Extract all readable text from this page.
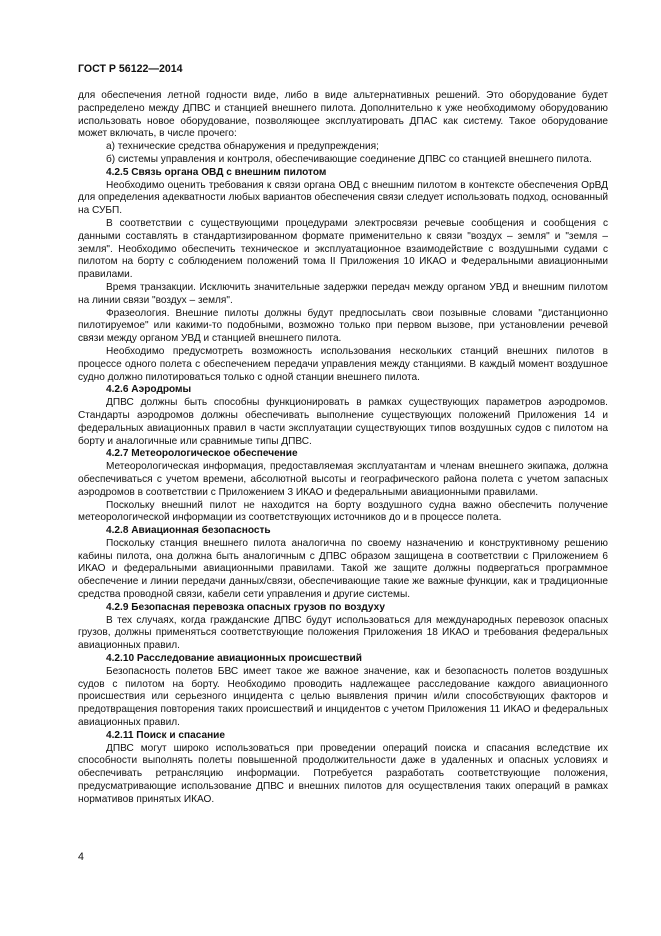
ГОСТ Р 56122—2014

для обеспечения летной годности виде, либо в виде альтернативных решений. Это оборудование будет распределено между ДПВС и станцией внешнего пилота. Дополнительно к уже необходимому оборудованию использовать новое оборудование, позволяющее эксплуатировать ДПАС как систему. Такое оборудование может включать, в числе прочего:

а) технические средства обнаружения и предупреждения;

б) системы управления и контроля, обеспечивающие соединение ДПВС со станцией внешнего пилота.

4.2.5 Связь органа ОВД с внешним пилотом

Необходимо оценить требования к связи органа ОВД с внешним пилотом в контексте обеспечения ОрВД для определения адекватности любых вариантов обеспечения связи следует использовать подход, основанный на СУБП.

В соответствии с существующими процедурами электросвязи речевые сообщения и сообщения с данными составлять в стандартизированном формате применительно к связи "воздух – земля" и "земля – земля". Необходимо обеспечить техническое и эксплуатационное взаимодействие с воздушными судами с пилотом на борту с соблюдением положений тома II Приложения 10 ИКАО и Федеральными авиационными правилами.

Время транзакции. Исключить значительные задержки передач между органом УВД и внешним пилотом на линии связи "воздух – земля".

Фразеология. Внешние пилоты должны будут предпосылать свои позывные словами "дистанционно пилотируемое" или какими-то подобными, возможно только при первом вызове, при установлении речевой связи между органом УВД и станцией внешнего пилота.

Необходимо предусмотреть возможность использования нескольких станций внешних пилотов в процессе одного полета с обеспечением передачи управления между станциями. В каждый момент воздушное судно должно пилотироваться только с одной станции внешнего пилота.

4.2.6 Аэродромы

ДПВС должны быть способны функционировать в рамках существующих параметров аэродромов. Стандарты аэродромов должны обеспечивать выполнение существующих положений Приложения 14 и федеральных авиационных правил в части эксплуатации существующих типов воздушных судов с пилотом на борту и аналогичные или сравнимые типы ДПВС.

4.2.7 Метеорологическое обеспечение

Метеорологическая информация, предоставляемая эксплуатантам и членам внешнего экипажа, должна обеспечиваться с учетом времени, абсолютной высоты и географического района полета с учетом запасных аэродромов в соответствии с Приложением 3 ИКАО и федеральными авиационными правилами.

Поскольку внешний пилот не находится на борту воздушного судна важно обеспечить получение метеорологической информации из соответствующих источников до и в процессе полета.

4.2.8 Авиационная безопасность

Поскольку станция внешнего пилота аналогична по своему назначению и конструктивному решению кабины пилота, она должна быть аналогичным с ДПВС образом защищена в соответствии с Приложением 6 ИКАО и федеральными авиационными правилами. Такой же защите должны подвергаться программное обеспечение и линии передачи данных/связи, обеспечивающие такие же важные функции, как и традиционные средства проводной связи, кабели сети управления и другие системы.

4.2.9 Безопасная перевозка опасных грузов по воздуху

В тех случаях, когда гражданские ДПВС будут использоваться для международных перевозок опасных грузов, должны применяться соответствующие положения Приложения 18 ИКАО и требования федеральных авиационных правил.

4.2.10 Расследование авиационных происшествий

Безопасность полетов БВС имеет такое же важное значение, как и безопасность полетов воздушных судов с пилотом на борту. Необходимо проводить надлежащее расследование каждого авиационного происшествия или серьезного инцидента с целью выявления причин и/или способствующих факторов и предотвращения повторения таких происшествий и инцидентов с учетом Приложения 11 ИКАО и федеральных авиационных правил.

4.2.11 Поиск и спасание

ДПВС могут широко использоваться при проведении операций поиска и спасания вследствие их способности выполнять полеты повышенной продолжительности даже в удаленных и опасных условиях и обеспечивать ретрансляцию информации. Потребуется разработать соответствующие положения, предусматривающие использование ДПВС и внешних пилотов для осуществления таких операций в рамках нормативов принятых ИКАО.

4
